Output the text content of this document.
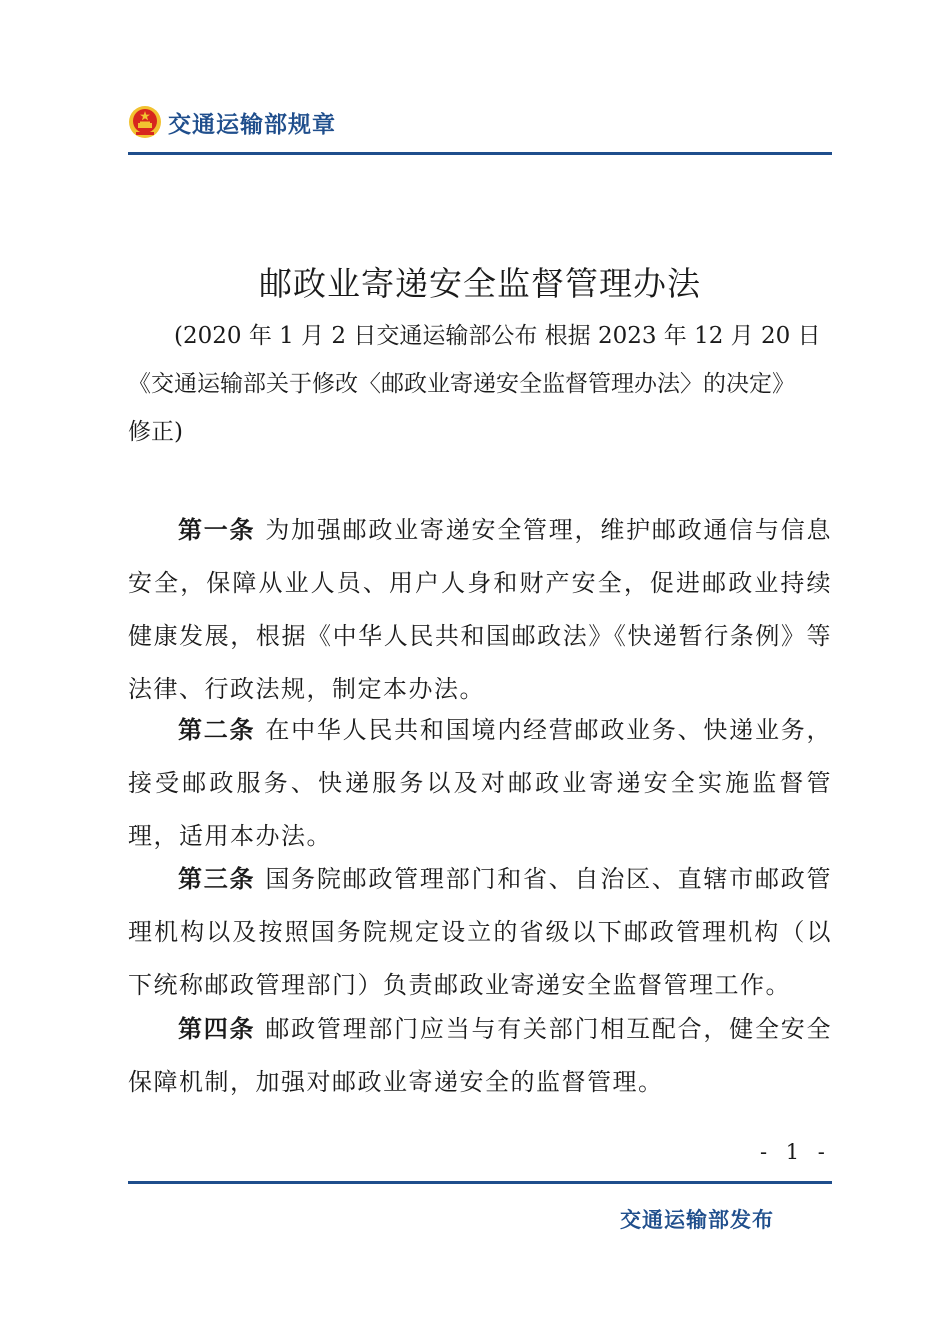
交通运输部规章
邮政业寄递安全监督管理办法
(2020 年 1 月 2 日交通运输部公布 根据 2023 年 12 月 20 日
《交通运输部关于修改〈邮政业寄递安全监督管理办法〉的决定》
修正)

第一条 为加强邮政业寄递安全管理，维护邮政通信与信息安全，保障从业人员、用户人身和财产安全，促进邮政业持续健康发展，根据《中华人民共和国邮政法》《快递暂行条例》等法律、行政法规，制定本办法。

第二条 在中华人民共和国境内经营邮政业务、快递业务，接受邮政服务、快递服务以及对邮政业寄递安全实施监督管理，适用本办法。

第三条 国务院邮政管理部门和省、自治区、直辖市邮政管理机构以及按照国务院规定设立的省级以下邮政管理机构（以下统称邮政管理部门）负责邮政业寄递安全监督管理工作。

第四条 邮政管理部门应当与有关部门相互配合，健全安全保障机制，加强对邮政业寄递安全的监督管理。

- 1 -
交通运输部发布
